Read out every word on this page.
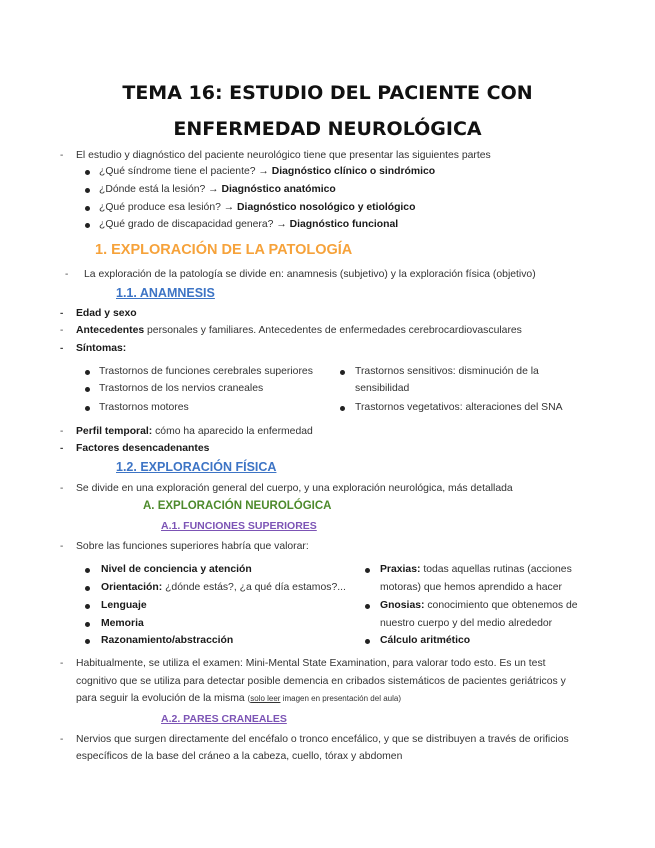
TEMA 16: ESTUDIO DEL PACIENTE CON
ENFERMEDAD NEUROLÓGICA
- El estudio y diagnóstico del paciente neurológico tiene que presentar las siguientes partes
¿Qué síndrome tiene el paciente? → Diagnóstico clínico o sindrómico
¿Dónde está la lesión? → Diagnóstico anatómico
¿Qué produce esa lesión? → Diagnóstico nosológico y etiológico
¿Qué grado de discapacidad genera? → Diagnóstico funcional
1. EXPLORACIÓN DE LA PATOLOGÍA
- La exploración de la patología se divide en: anamnesis (subjetivo) y la exploración física (objetivo)
1.1. ANAMNESIS
- Edad y sexo
- Antecedentes personales y familiares. Antecedentes de enfermedades cerebrocardiovasculares
- Síntomas:
Trastornos de funciones cerebrales superiores
Trastornos de los nervios craneales
Trastornos motores
Trastornos sensitivos: disminución de la
sensibilidad
Trastornos vegetativos: alteraciones del SNA
- Perfil temporal: cómo ha aparecido la enfermedad
- Factores desencadenantes
1.2. EXPLORACIÓN FÍSICA
- Se divide en una exploración general del cuerpo, y una exploración neurológica, más detallada
A. EXPLORACIÓN NEUROLÓGICA
A.1. FUNCIONES SUPERIORES
- Sobre las funciones superiores habría que valorar:
Nivel de conciencia y atención
Orientación: ¿dónde estás?, ¿a qué día estamos?...
Lenguaje
Memoria
Razonamiento/abstracción
Praxias: todas aquellas rutinas (acciones
motoras) que hemos aprendido a hacer
Gnosias: conocimiento que obtenemos de
nuestro cuerpo y del medio alrededor
Cálculo aritmético
- Habitualmente, se utiliza el examen: Mini-Mental State Examination, para valorar todo esto. Es un test
cognitivo que se utiliza para detectar posible demencia en cribados sistemáticos de pacientes geriátricos y
para seguir la evolución de la misma (solo leer imagen en presentación del aula)
A.2. PARES CRANEALES
- Nervios que surgen directamente del encéfalo o tronco encefálico, y que se distribuyen a través de orificios
específicos de la base del cráneo a la cabeza, cuello, tórax y abdomen
